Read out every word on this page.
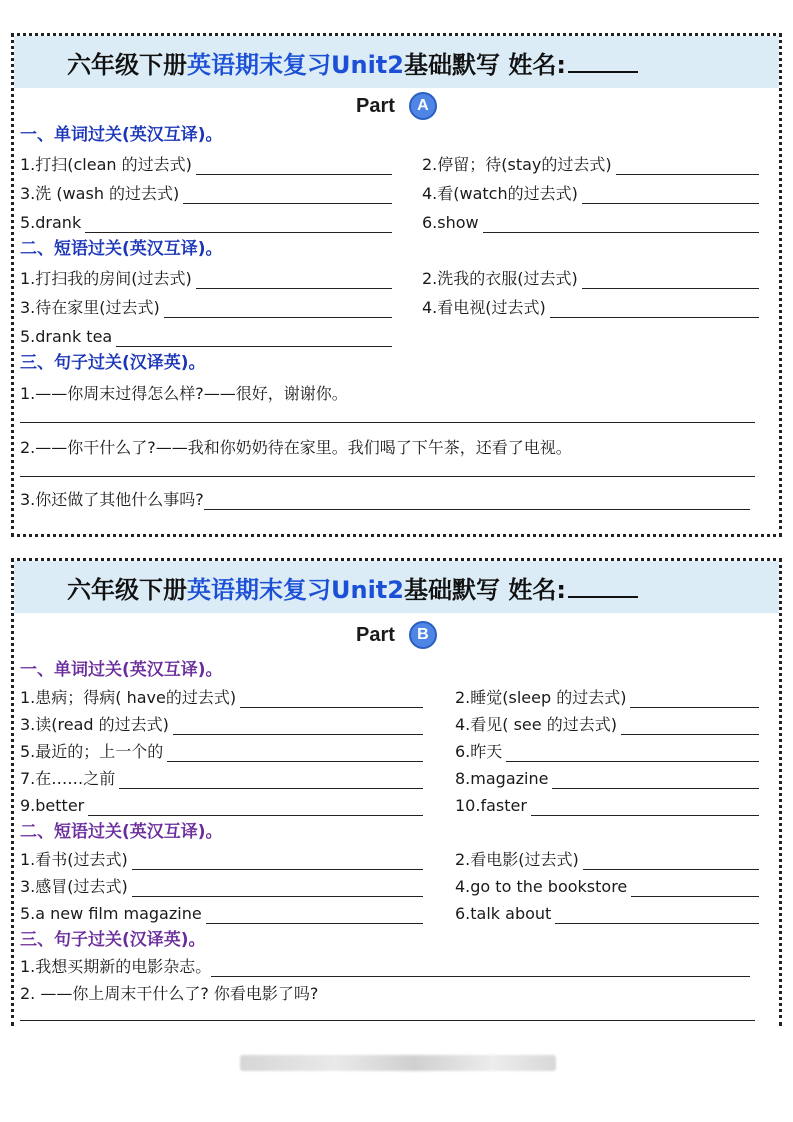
六年级下册 英语期末复习Unit2 基础默写 姓名:
Part	A
一、单词过关(英汉互译)。
1.打扫(clean 的过去式)	2.停留；待(stay的过去式)
3.洗 (wash 的过去式)	4.看(watch的过去式)
5.drank	6.show
二、短语过关(英汉互译)。
1.打扫我的房间(过去式)	2.洗我的衣服(过去式)
3.待在家里(过去式)	4.看电视(过去式)
5.drank tea
三、句子过关(汉译英)。
1.——你周末过得怎么样?——很好，谢谢你。
2.——你干什么了?——我和你奶奶待在家里。我们喝了下午茶，还看了电视。
3.你还做了其他什么事吗?
六年级下册 英语期末复习Unit2 基础默写 姓名:
Part	B
一、单词过关(英汉互译)。
1.患病；得病( have的过去式)	2.睡觉(sleep 的过去式)
3.读(read 的过去式)	4.看见( see 的过去式)
5.最近的；上一个的	6.昨天
7.在……之前	8.magazine
9.better	10.faster
二、短语过关(英汉互译)。
1.看书(过去式)	2.看电影(过去式)
3.感冒(过去式)	4.go to the bookstore
5.a new film magazine	6.talk about
三、句子过关(汉译英)。
1.我想买期新的电影杂志。
2. ——你上周末干什么了? 你看电影了吗?
